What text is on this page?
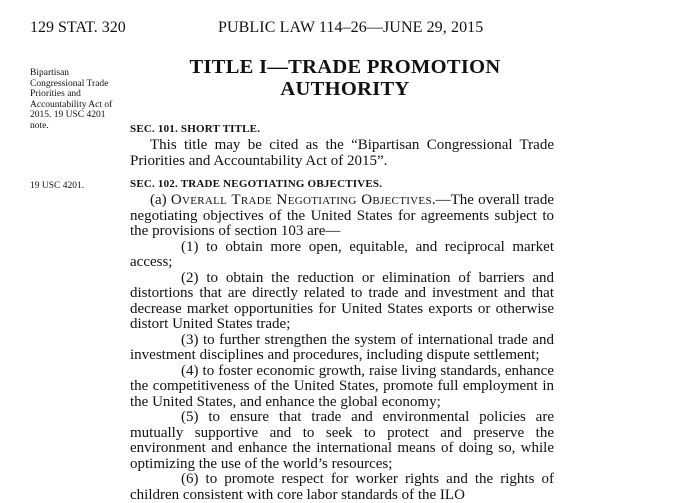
129 STAT. 320	PUBLIC LAW 114–26—JUNE 29, 2015
Bipartisan Congressional Trade Priorities and Accountability Act of 2015. 19 USC 4201 note.
19 USC 4201.
TITLE I—TRADE PROMOTION
AUTHORITY
SEC. 101. SHORT TITLE.

This title may be cited as the “Bipartisan Congressional Trade Priorities and Accountability Act of 2015”.

SEC. 102. TRADE NEGOTIATING OBJECTIVES.

(a) Overall Trade Negotiating Objectives.—The overall trade negotiating objectives of the United States for agreements subject to the provisions of section 103 are—

(1) to obtain more open, equitable, and reciprocal market access;

(2) to obtain the reduction or elimination of barriers and distortions that are directly related to trade and investment and that decrease market opportunities for United States exports or otherwise distort United States trade;

(3) to further strengthen the system of international trade and investment disciplines and procedures, including dispute settlement;

(4) to foster economic growth, raise living standards, enhance the competitiveness of the United States, promote full employment in the United States, and enhance the global economy;

(5) to ensure that trade and environmental policies are mutually supportive and to seek to protect and preserve the environment and enhance the international means of doing so, while optimizing the use of the world’s resources;

(6) to promote respect for worker rights and the rights of children consistent with core labor standards of the ILO
